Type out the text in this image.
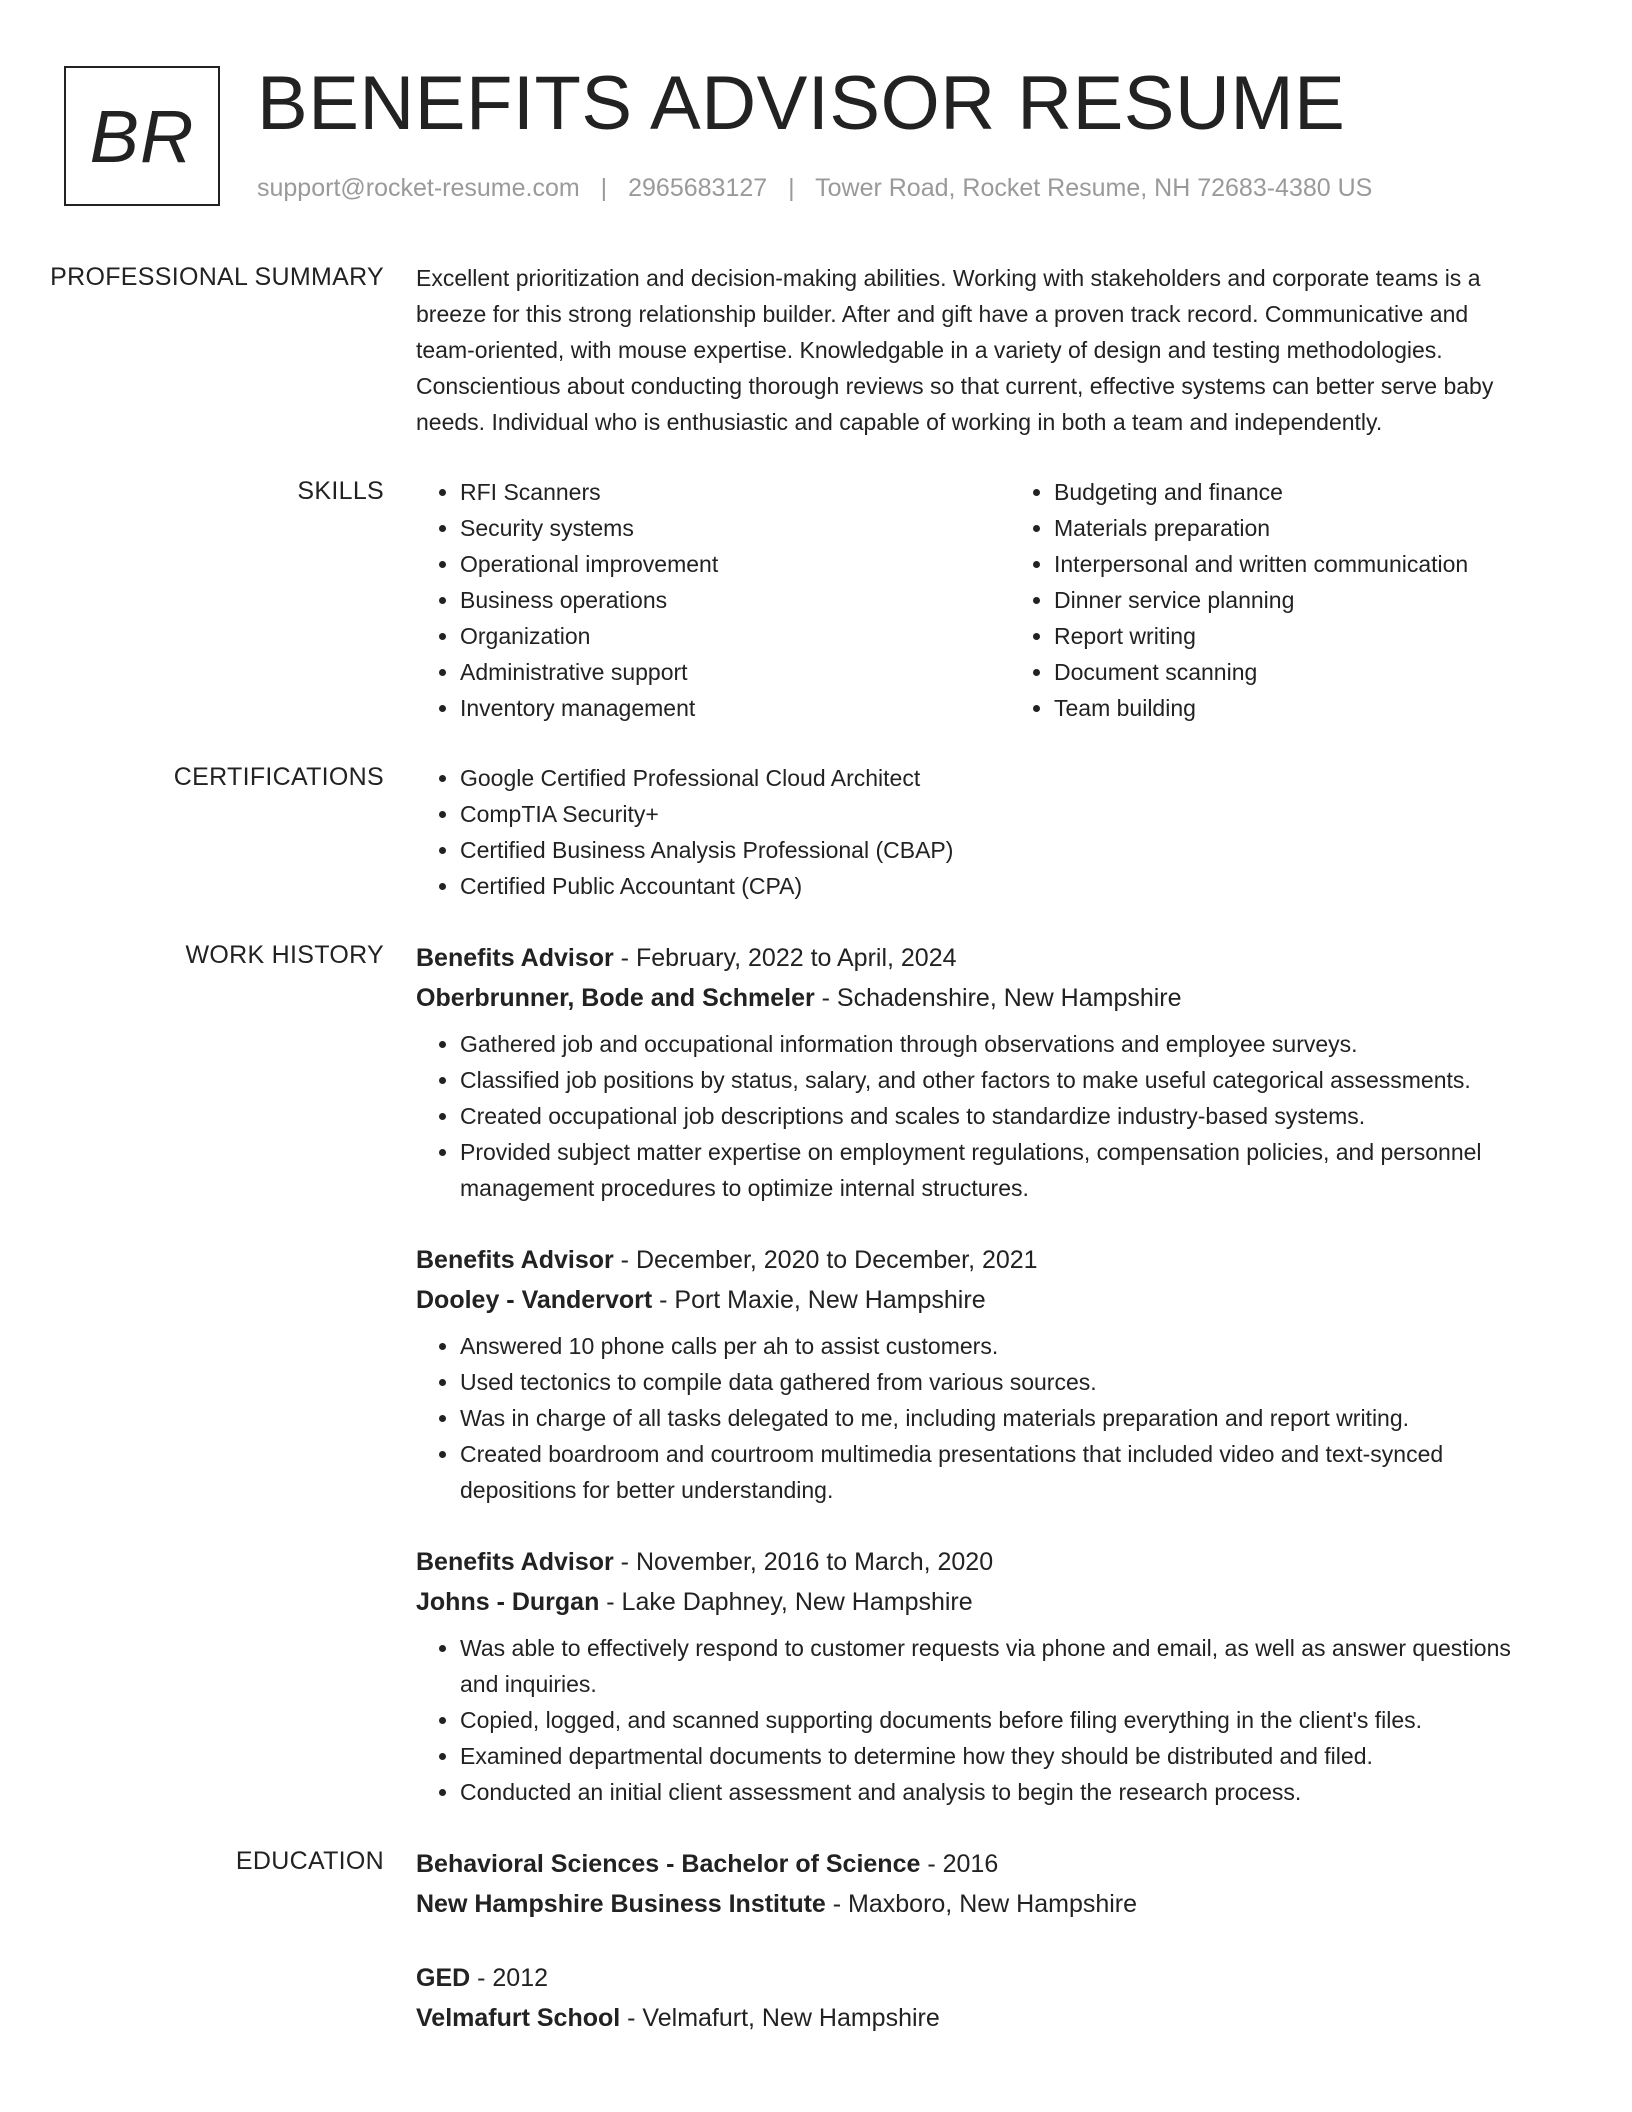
BR BENEFITS ADVISOR RESUME
support@rocket-resume.com | 2965683127 | Tower Road, Rocket Resume, NH 72683-4380 US
PROFESSIONAL SUMMARY	Excellent prioritization and decision-making abilities. Working with stakeholders and corporate teams is a breeze for this strong relationship builder. After and gift have a proven track record. Communicative and team-oriented, with mouse expertise. Knowledgable in a variety of design and testing methodologies. Conscientious about conducting thorough reviews so that current, effective systems can better serve baby needs. Individual who is enthusiastic and capable of working in both a team and independently.

SKILLS	• RFI Scanners
• Security systems
• Operational improvement
• Business operations
• Organization
• Administrative support
• Inventory management
• Budgeting and finance
• Materials preparation
• Interpersonal and written communication
• Dinner service planning
• Report writing
• Document scanning
• Team building
CERTIFICATIONS	• Google Certified Professional Cloud Architect
• CompTIA Security+
• Certified Business Analysis Professional (CBAP)
• Certified Public Accountant (CPA)
WORK HISTORY	Benefits Advisor - February, 2022 to April, 2024
Oberbrunner, Bode and Schmeler - Schadenshire, New Hampshire
• Gathered job and occupational information through observations and employee surveys.
• Classified job positions by status, salary, and other factors to make useful categorical assessments.
• Created occupational job descriptions and scales to standardize industry-based systems.
• Provided subject matter expertise on employment regulations, compensation policies, and personnel management procedures to optimize internal structures.
Benefits Advisor - December, 2020 to December, 2021
Dooley - Vandervort - Port Maxie, New Hampshire
• Answered 10 phone calls per ah to assist customers.
• Used tectonics to compile data gathered from various sources.
• Was in charge of all tasks delegated to me, including materials preparation and report writing.
• Created boardroom and courtroom multimedia presentations that included video and text-synced depositions for better understanding.
Benefits Advisor - November, 2016 to March, 2020
Johns - Durgan - Lake Daphney, New Hampshire
• Was able to effectively respond to customer requests via phone and email, as well as answer questions and inquiries.
• Copied, logged, and scanned supporting documents before filing everything in the client's files.
• Examined departmental documents to determine how they should be distributed and filed.
• Conducted an initial client assessment and analysis to begin the research process.
EDUCATION	Behavioral Sciences - Bachelor of Science - 2016
New Hampshire Business Institute - Maxboro, New Hampshire
GED - 2012
Velmafurt School - Velmafurt, New Hampshire
